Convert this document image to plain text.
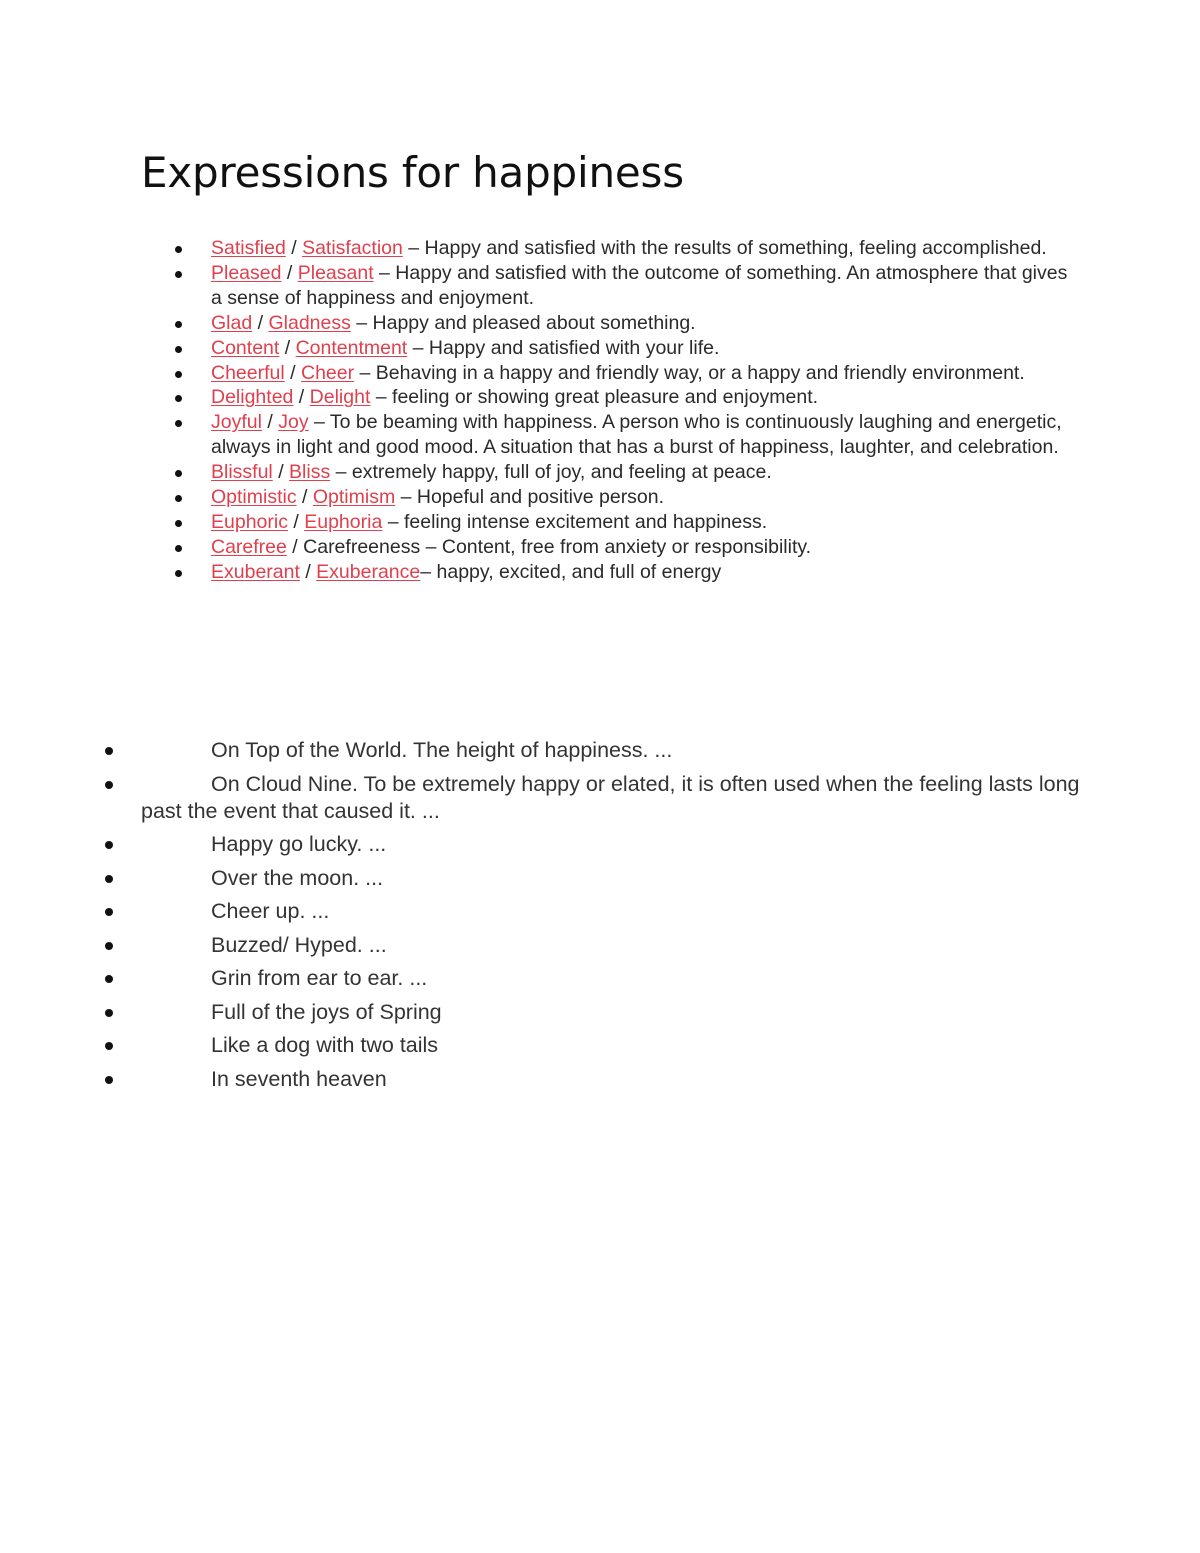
Expressions for happiness
Satisfied / Satisfaction – Happy and satisfied with the results of something, feeling accomplished.
Pleased / Pleasant – Happy and satisfied with the outcome of something. An atmosphere that gives a sense of happiness and enjoyment.
Glad / Gladness – Happy and pleased about something.
Content / Contentment – Happy and satisfied with your life.
Cheerful / Cheer – Behaving in a happy and friendly way, or a happy and friendly environment.
Delighted / Delight – feeling or showing great pleasure and enjoyment.
Joyful / Joy – To be beaming with happiness. A person who is continuously laughing and energetic, always in light and good mood. A situation that has a burst of happiness, laughter, and celebration.
Blissful / Bliss – extremely happy, full of joy, and feeling at peace.
Optimistic / Optimism – Hopeful and positive person.
Euphoric / Euphoria – feeling intense excitement and happiness.
Carefree / Carefreeness – Content, free from anxiety or responsibility.
Exuberant / Exuberance– happy, excited, and full of energy
On Top of the World. The height of happiness. ...
On Cloud Nine. To be extremely happy or elated, it is often used when the feeling lasts long past the event that caused it. ...
Happy go lucky. ...
Over the moon. ...
Cheer up. ...
Buzzed/ Hyped. ...
Grin from ear to ear. ...
Full of the joys of Spring
Like a dog with two tails
In seventh heaven
